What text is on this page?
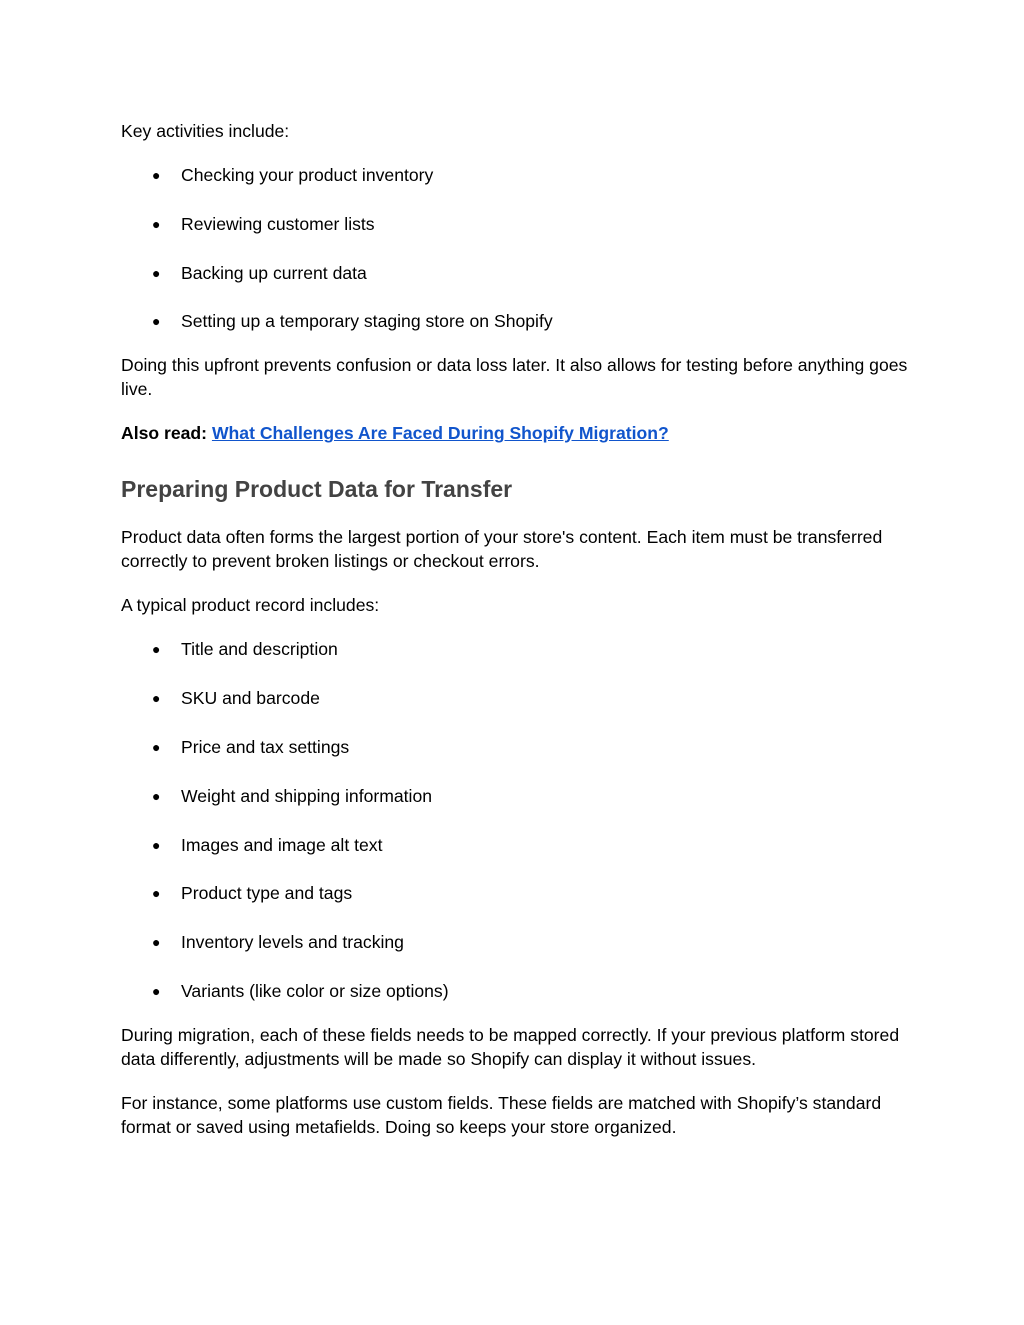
Key activities include:

● Checking your product inventory
● Reviewing customer lists
● Backing up current data
● Setting up a temporary staging store on Shopify

Doing this upfront prevents confusion or data loss later. It also allows for testing before anything goes live.

Also read: What Challenges Are Faced During Shopify Migration?

Preparing Product Data for Transfer

Product data often forms the largest portion of your store's content. Each item must be transferred correctly to prevent broken listings or checkout errors.

A typical product record includes:

● Title and description
● SKU and barcode
● Price and tax settings
● Weight and shipping information
● Images and image alt text
● Product type and tags
● Inventory levels and tracking
● Variants (like color or size options)

During migration, each of these fields needs to be mapped correctly. If your previous platform stored data differently, adjustments will be made so Shopify can display it without issues.

For instance, some platforms use custom fields. These fields are matched with Shopify’s standard format or saved using metafields. Doing so keeps your store organized.
